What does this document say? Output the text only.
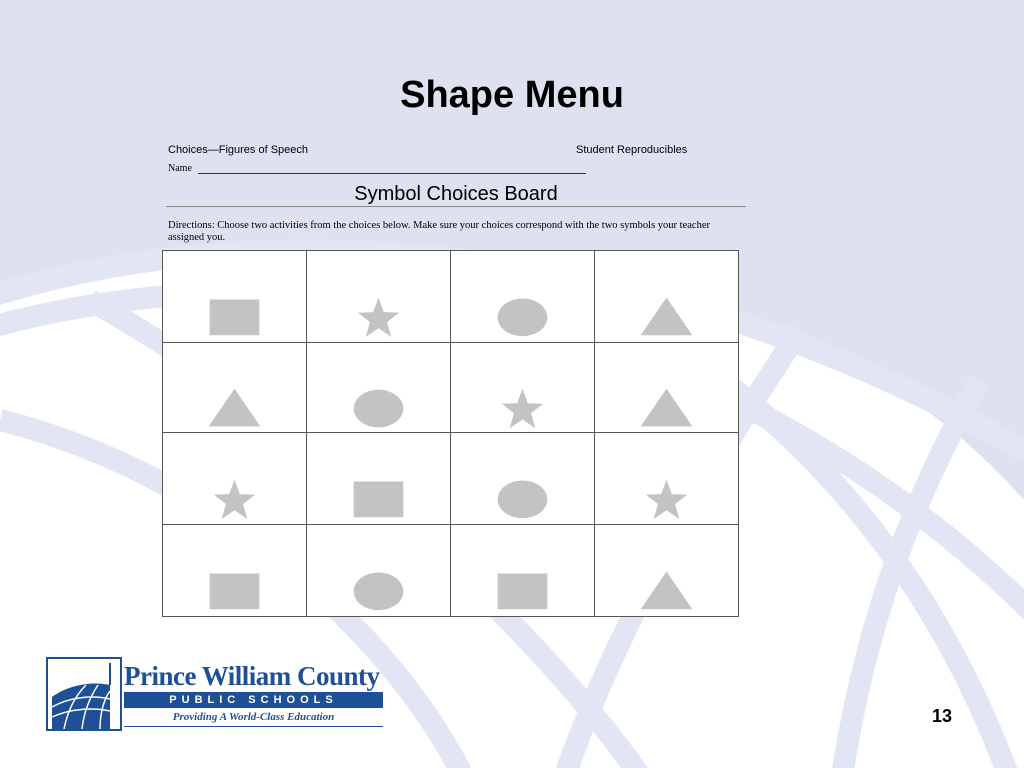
Shape Menu
Choices—Figures of Speech	Student Reproducibles
Name
Symbol Choices Board
Directions: Choose two activities from the choices below. Make sure your choices correspond with the two symbols your teacher assigned you.

Prince William County
PUBLIC SCHOOLS
Providing A World-Class Education	13
